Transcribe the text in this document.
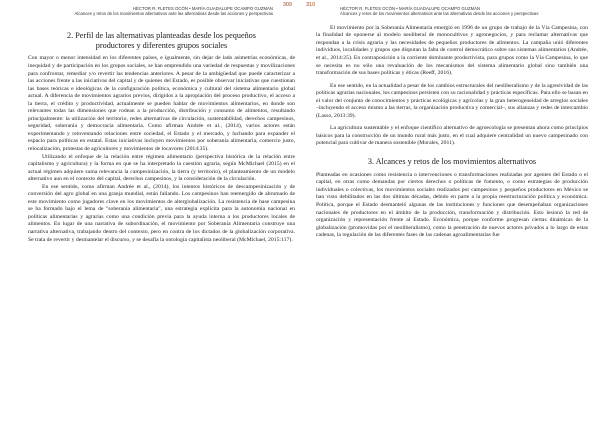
HÉCTOR R. FLETES OCÓN • MARÍA GUADALUPE OCAMPO GUZMÁN
Alcances y retos de los movimientos alternativos ante las alternativas desde las acciones y perspectivas
309
2. Perfil de las alternativas planteadas desde los pequeños
productores y diferentes grupos sociales

Con mayor o menor intensidad en los diferentes países, e igualmente, sin dejar de lado asimetrías económicas, de inequidad y de participación en los grupos sociales, se han emprendido una variedad de respuestas y movilizaciones para confrontar, remediar y/o revertir las tendencias anteriores. A pesar de la ambigüedad que puede caracterizar a las acciones frente a las iniciativas del capital y de quienes del Estado, es posible observar iniciativas que cuestionan las bases teóricas e ideológicas de la configuración política, económica y cultural del sistema alimentario global actual. A diferencia de movimientos agrarios previos, dirigidos a la apropiación del proceso productivo, el acceso a la tierra, el crédito y productividad, actualmente se pueden hablar de movimientos alimentarios, en donde son relevantes todas las dimensiones que rodean a la producción, distribución y consumo de alimentos, resultando principalmente: la utilización del territorio, redes alternativas de circulación, sustentabilidad, derechos campesinos, seguridad, soberanía y democracia alimentaria. Como afirman Andrée et al., (2014), varios actores están experimentando y reinventando relaciones entre sociedad, el Estado y el mercado, y luchando para expander el espacio para políticas en estatal. Estas iniciativas incluyen movimientos por soberanía alimentaria, comercio justo, relocalización, protestas de agricultores y movimientos de locavores (2014:35).

Utilizando el enfoque de la relación entre régimen alimentario (perspectiva histórica de la relación entre capitalismo y agricultura) y la forma en que se ha interpretado la cuestión agraria, según McMichael (2015) en el actual régimen adquiere suma relevancia la campesinización, la tierra (y territorio), el planteamiento de un modelo alternativo aun en el contexto del capital, derechos campesinos, y la consideración de la circulación.

En ese sentido, como afirman Andrée et al., (2014), los intentos históricos de descampesinización y de conversión del agro global en una granja mundial, están fallando. Los campesinos han reemergido de abrumado de este movimiento como jugadores clave en los movimientos de alterglobalización. La resistencia de base campesina se ha formado bajo el lema de "soberanía alimentaria", una estrategia explícita para la autonomía nacional en políticas alimentarias y agrarias como una condición previa para la ayuda interna a los productores locales de alimentos. En lugar de una narrativa de subordinación, el movimiento por Soberanía Alimentaria construye una narrativa alternativa, trabajando dentro del contexto, pero en contra de los dictados de la globalización corporativa. Se trata de revertir y desmantelar el discurso, y se desafía la ontología capitalista neoliberal (McMichael, 2015:117).

310
HÉCTOR R. FLETES OCÓN • MARÍA GUADALUPE OCAMPO GUZMÁN
Alcances y retos de los movimientos alternativos ante las alternativas desde las acciones y perspectivas

El movimiento por la Soberanía Alimentaria emergió en 1996 de un grupo de trabajo de la Vía Campesina, con la finalidad de oponerse al modelo neoliberal de monocultivos y agronegocios, y para reclamar alternativas que respondan a la crisis agraria y las necesidades de pequeños productores de alimentos. La campaña unió diferentes individuos, localidades y grupos que disputan la falta de control democrático sobre sus sistemas alimentarios (Andrée, et al., 2014:25). En contraposición a la corriente dominante productivista, para grupos como la Vía Campesina, lo que se necesita es no sólo una revaluación de los mecanismos del sistema alimentario global sino también una transformación de sus bases políticas y éticas (Reeff, 2016).

En ese sentido, en la actualidad a pesar de los cambios estructurales del neoliberalismo y de la agresividad de las políticas agrarias nacionales, los campesinos persisten con su racionalidad y prácticas específicas. Para ello se basan en el valor del conjunto de conocimientos y prácticas ecológicas y agrícolas y la gran heterogeneidad de arreglos sociales –incluyendo el acceso mismo a las tierras, la organización productiva y comercial–, sus alianzas y redes de intercambio (Lasso, 2013:39).

La agricultura sustentable y el enfoque científico alternativo de agroecología se presentan ahora como principios básicos para la construcción de un mundo rural más justo, en el cual adquiere centralidad un nuevo campesinado con potencial para cultivar de manera sostenible (Morales, 2011).

3. Alcances y retos de los movimientos alternativos

Planteadas en ocasiones como resistencia o intervenciones o transformaciones realizadas por agentes del Estado o el capital, en otras como demandas por ciertos derechos o políticas de fomento, o como estrategias de producción individuales o colectivas, los movimientos sociales realizados por campesinos y pequeños productores en México se han visto debilitados en las dos últimas décadas, debido en parte a la propia reestructuración política y económica. Política, porque el Estado desmanteló algunas de las instituciones y funciones que desempeñaban organizaciones nacionales de productores en el ámbito de la producción, transformación y distribución. Esto lesionó la red de organización y representación frente al Estado. Económica, porque conforme progresan ciertas dinámicas de la globalización (promovidas por el neoliberalismo), como la penetración de nuevos actores privados a lo largo de estas cadenas, la regulación de las diferentes fases de las cadenas agroalimentarias fue
